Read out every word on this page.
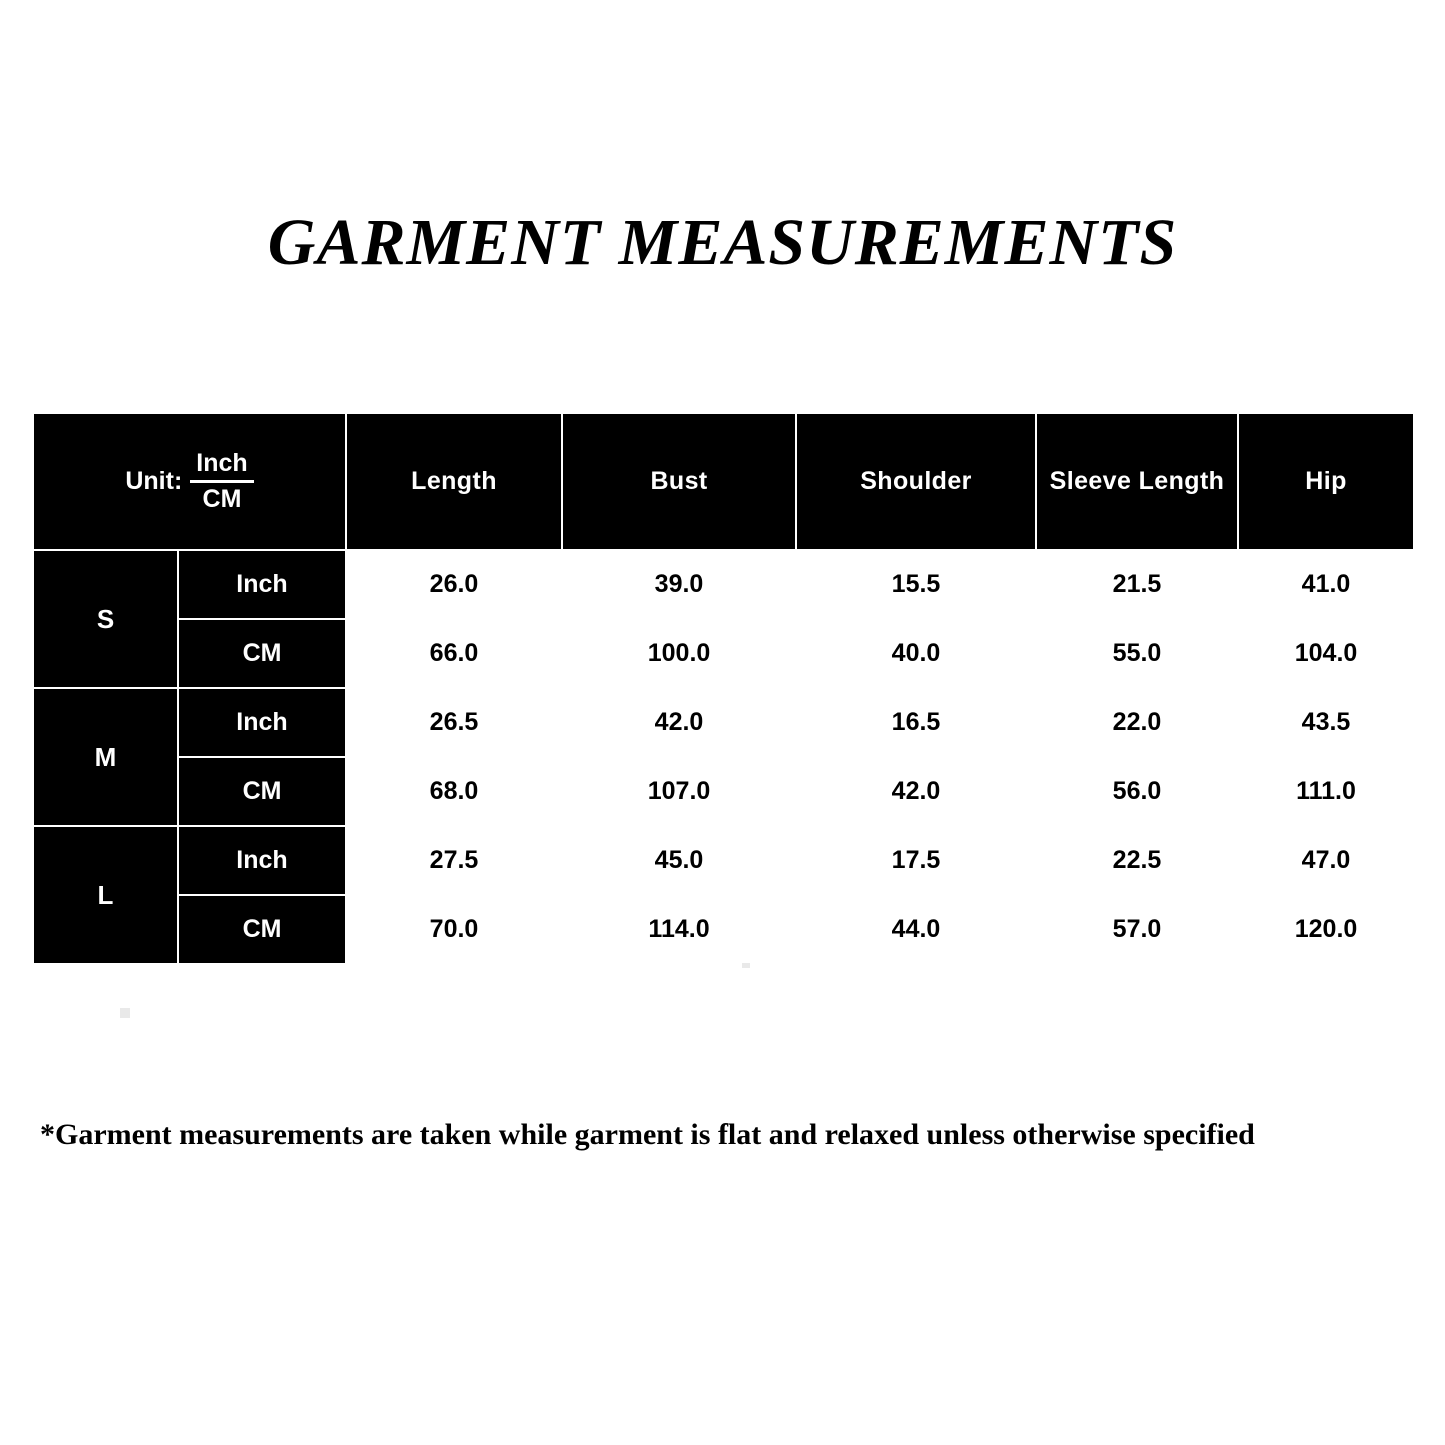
GARMENT MEASUREMENTS
Unit: $\frac{\text{Inch}}{CM}$		Length	Bust	Shoulder	Sleeve Length	Hip
S	Inch	26.0	39.0	15.5	21.5	41.0
	CM	66.0	100.0	40.0	55.0	104.0
M	Inch	26.5	42.0	16.5	22.0	43.5
	CM	68.0	107.0	42.0	56.0	111.0
L	Inch	27.5	45.0	17.5	22.5	47.0
	CM	70.0	114.0	44.0	57.0	120.0
*Garment measurements are taken while garment is flat and relaxed unless otherwise specified
